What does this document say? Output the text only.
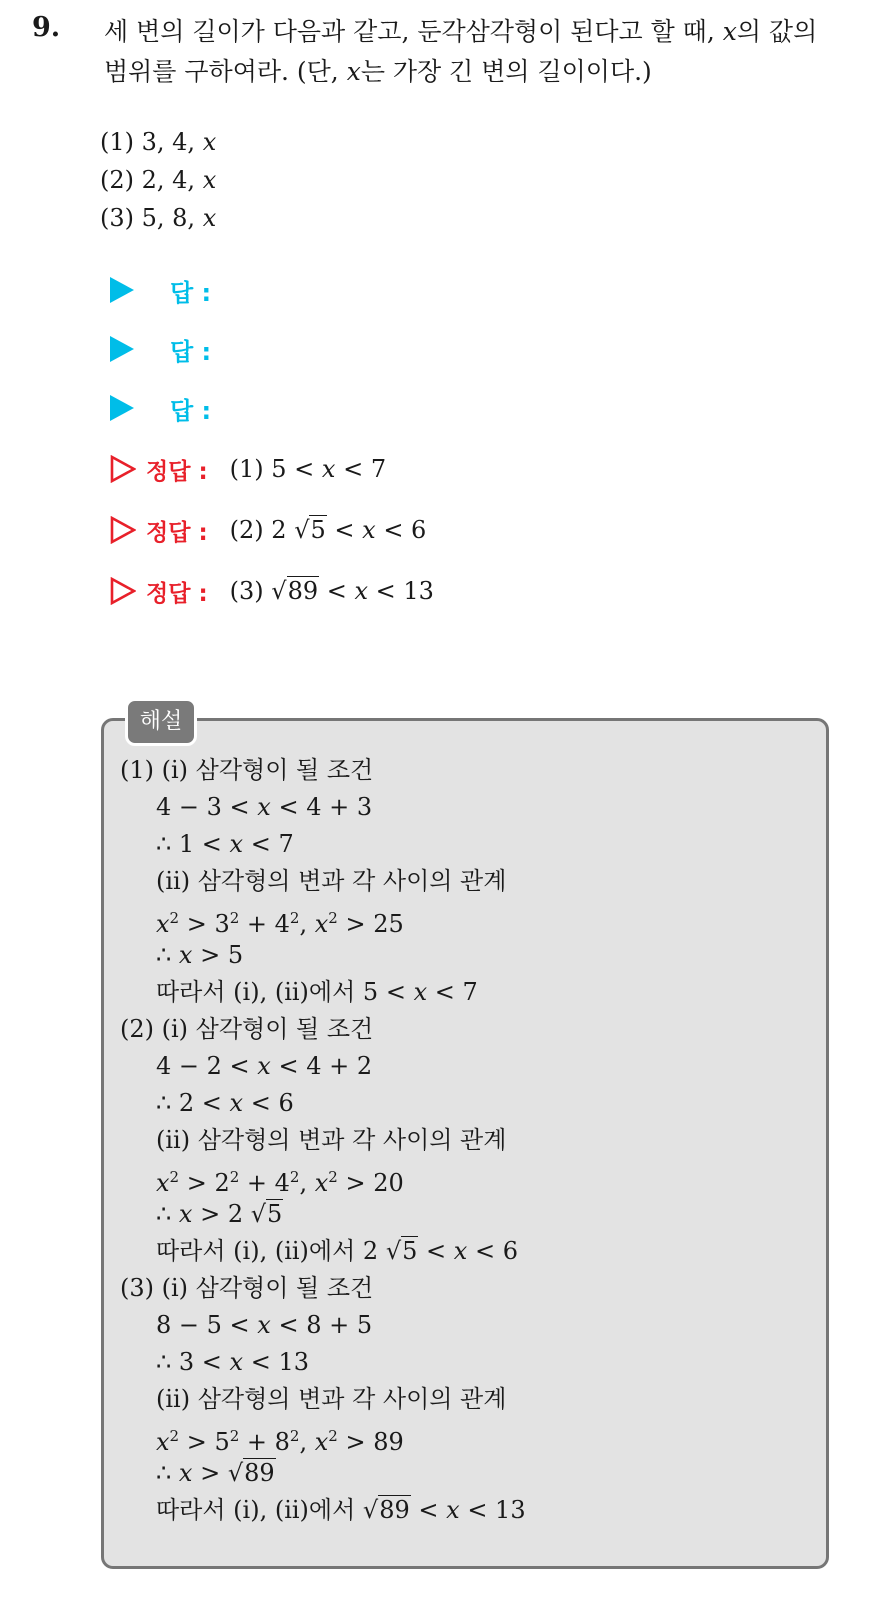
9. 세 변의 길이가 다음과 같고, 둔각삼각형이 된다고 할 때, x의 값의
범위를 구하여라. (단, x는 가장 긴 변의 길이이다.)
(1) 3, 4, x
(2) 2, 4, x
(3) 5, 8, x
답 :
답 :
답 :
정답 : (1) 5 < x < 7
정답 : (2) 2 √5 < x < 6
정답 : (3) √89 < x < 13
해설
(1) (i) 삼각형이 될 조건
4 − 3 < x < 4 + 3
∴ 1 < x < 7
(ii) 삼각형의 변과 각 사이의 관계
$x^2 > 3^2 + 4^2$, $x^2 > 25$
∴ x > 5
따라서 (i), (ii)에서 5 < x < 7
(2) (i) 삼각형이 될 조건
4 − 2 < x < 4 + 2
∴ 2 < x < 6
(ii) 삼각형의 변과 각 사이의 관계
$x^2 > 2^2 + 4^2$, $x^2 > 20$
∴ x > 2 √5
따라서 (i), (ii)에서 2 √5 < x < 6
(3) (i) 삼각형이 될 조건
8 − 5 < x < 8 + 5
∴ 3 < x < 13
(ii) 삼각형의 변과 각 사이의 관계
$x^2 > 5^2 + 8^2$, $x^2 > 89$
∴ x > √89
따라서 (i), (ii)에서 √89 < x < 13
